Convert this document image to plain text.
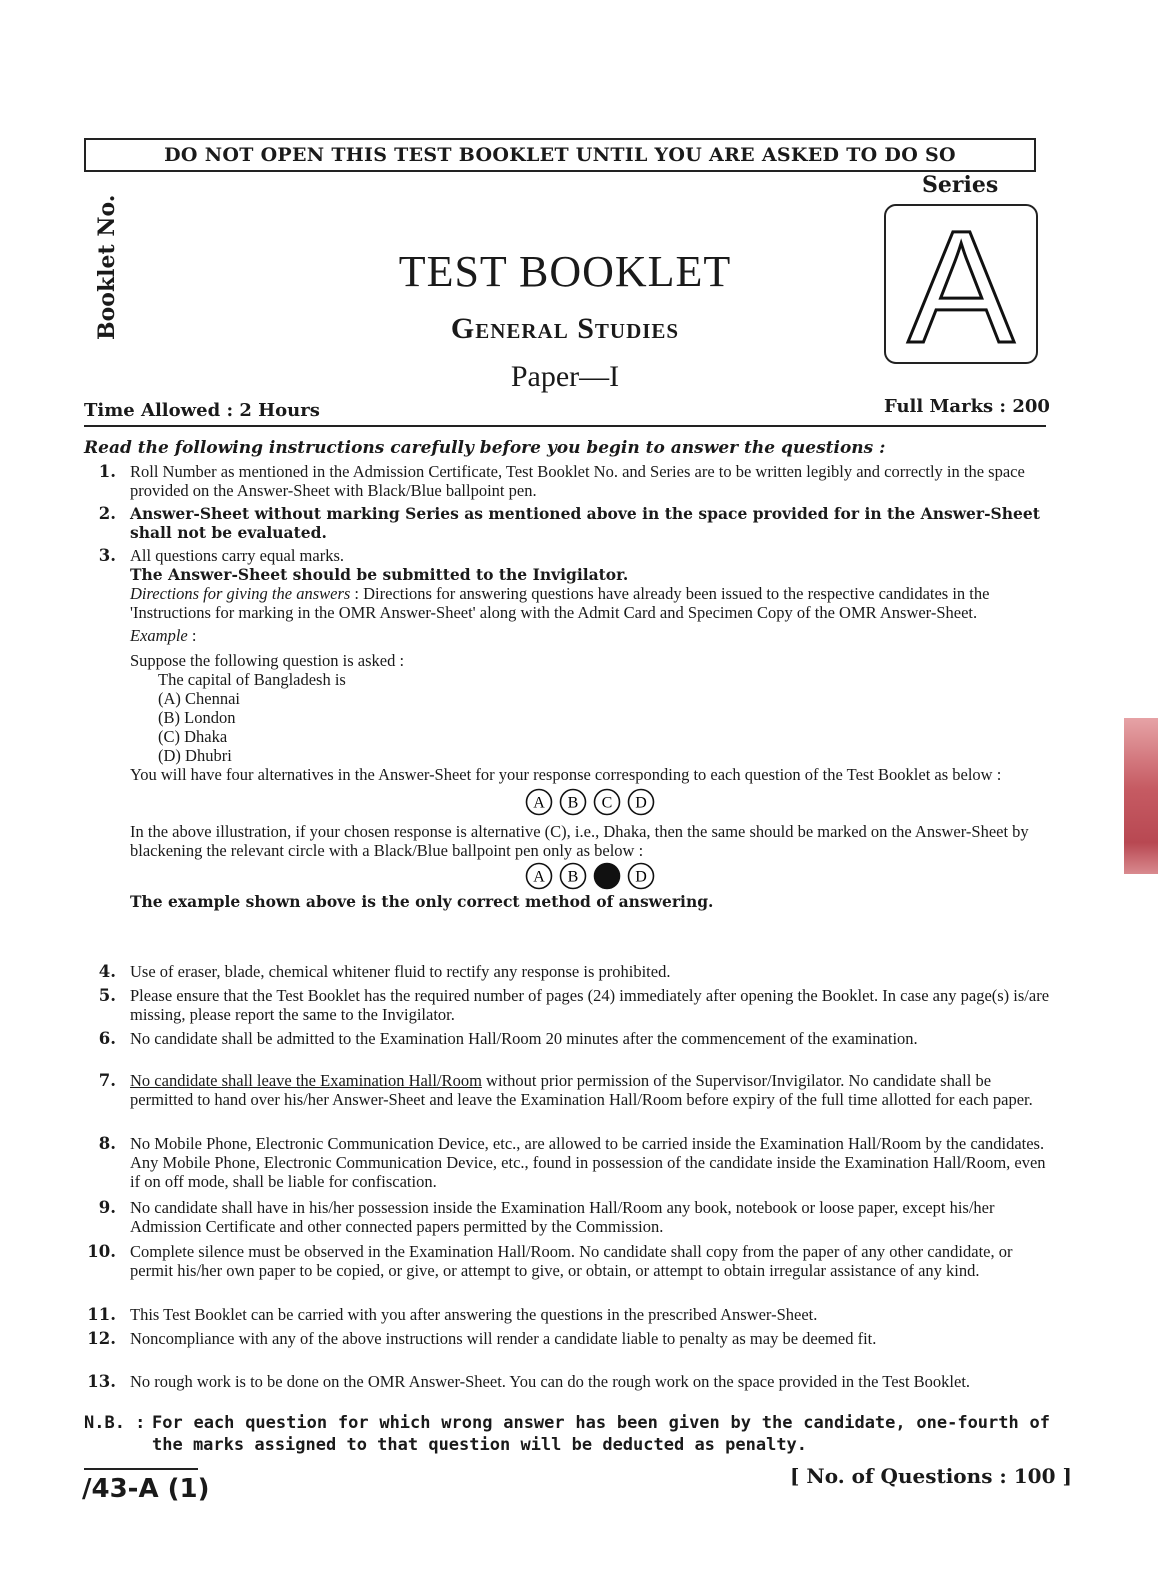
DO NOT OPEN THIS TEST BOOKLET UNTIL YOU ARE ASKED TO DO SO
Booklet No.
Series
A
TEST BOOKLET
General Studies
Paper—I
Time Allowed : 2 Hours	Full Marks : 200
Read the following instructions carefully before you begin to answer the questions :
1. Roll Number as mentioned in the Admission Certificate, Test Booklet No. and Series are to be written legibly and correctly in the space provided on the Answer-Sheet with Black/Blue ballpoint pen.
2. Answer-Sheet without marking Series as mentioned above in the space provided for in the Answer-Sheet shall not be evaluated.
3. All questions carry equal marks.
The Answer-Sheet should be submitted to the Invigilator.
Directions for giving the answers : Directions for answering questions have already been issued to the respective candidates in the 'Instructions for marking in the OMR Answer-Sheet' along with the Admit Card and Specimen Copy of the OMR Answer-Sheet.
Example :
Suppose the following question is asked :
The capital of Bangladesh is
(A) Chennai
(B) London
(C) Dhaka
(D) Dhubri
You will have four alternatives in the Answer-Sheet for your response corresponding to each question of the Test Booklet as below :
A B C D
In the above illustration, if your chosen response is alternative (C), i.e., Dhaka, then the same should be marked on the Answer-Sheet by blackening the relevant circle with a Black/Blue ballpoint pen only as below :
A B	D
The example shown above is the only correct method of answering.
4. Use of eraser, blade, chemical whitener fluid to rectify any response is prohibited.
5. Please ensure that the Test Booklet has the required number of pages (24) immediately after opening the Booklet. In case any page(s) is/are missing, please report the same to the Invigilator.
6. No candidate shall be admitted to the Examination Hall/Room 20 minutes after the commencement of the examination.
7. No candidate shall leave the Examination Hall/Room without prior permission of the Supervisor/Invigilator. No candidate shall be permitted to hand over his/her Answer-Sheet and leave the Examination Hall/Room before expiry of the full time allotted for each paper.
8. No Mobile Phone, Electronic Communication Device, etc., are allowed to be carried inside the Examination Hall/Room by the candidates. Any Mobile Phone, Electronic Communication Device, etc., found in possession of the candidate inside the Examination Hall/Room, even if on off mode, shall be liable for confiscation.
9. No candidate shall have in his/her possession inside the Examination Hall/Room any book, notebook or loose paper, except his/her Admission Certificate and other connected papers permitted by the Commission.
10. Complete silence must be observed in the Examination Hall/Room. No candidate shall copy from the paper of any other candidate, or permit his/her own paper to be copied, or give, or attempt to give, or obtain, or attempt to obtain irregular assistance of any kind.
11. This Test Booklet can be carried with you after answering the questions in the prescribed Answer-Sheet.
12. Noncompliance with any of the above instructions will render a candidate liable to penalty as may be deemed fit.
13. No rough work is to be done on the OMR Answer-Sheet. You can do the rough work on the space provided in the Test Booklet.
N.B. : For each question for which wrong answer has been given by the candidate, one-fourth of the marks assigned to that question will be deducted as penalty.
/43-A (1)	[ No. of Questions : 100 ]
